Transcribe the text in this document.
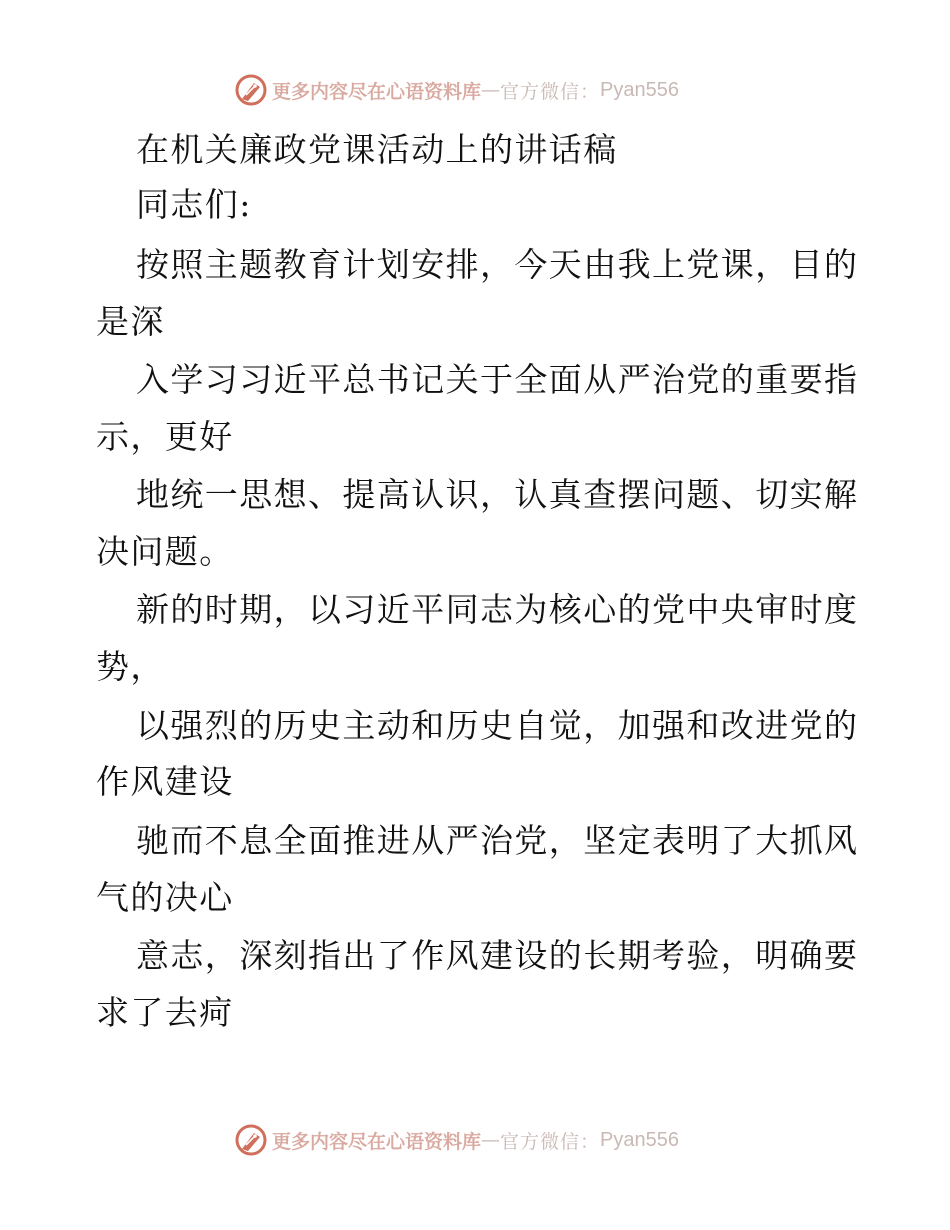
更多内容尽在心语资料库 — 官方微信： Pyan556
在机关廉政党课活动上的讲话稿
同志们:
按照主题教育计划安排，今天由我上党课，目的
是深
入学习习近平总书记关于全面从严治党的重要指
示，更好
地统一思想、提高认识，认真查摆问题、切实解
决问题。
新的时期，以习近平同志为核心的党中央审时度
势，
以强烈的历史主动和历史自觉，加强和改进党的
作风建设
驰而不息全面推进从严治党，坚定表明了大抓风
气的决心
意志，深刻指出了作风建设的长期考验，明确要
求了去疴
更多内容尽在心语资料库 — 官方微信： Pyan556
